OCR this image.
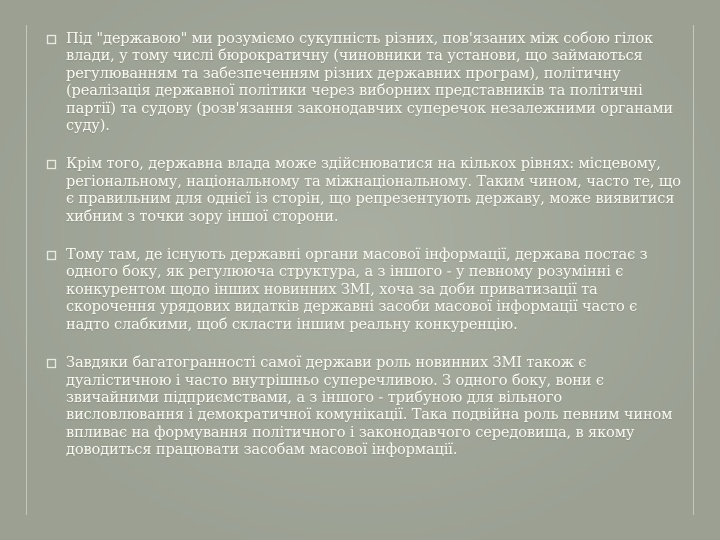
Під "державою" ми розуміємо сукупність різних, пов'язаних між собою гілок влади, у тому числі бюрократичну (чиновники та установи, що займаються регулюванням та забезпеченням різних державних програм), політичну (реалізація державної політики через виборних представників та політичні партії) та судову (розв'язання законодавчих суперечок незалежними органами суду).
Крім того, державна влада може здійснюватися на кількох рівнях: місцевому, регіональному, національному та міжнаціональному. Таким чином, часто те, що є правильним для однієї із сторін, що репрезентують державу, може виявитися хибним з точки зору іншої сторони.
Тому там, де існують державні органи масової інформації, держава постає з одного боку, як регулююча структура, а з іншого - у певному розумінні є конкурентом щодо інших новинних ЗМІ, хоча за доби приватизації та скорочення урядових видатків державні засоби масової інформації часто є надто слабкими, щоб скласти іншим реальну конкуренцію.
Завдяки багатогранності самої держави роль новинних ЗМІ також є дуалістичною і часто внутрішньо суперечливою. З одного боку, вони є звичайними підприємствами, а з іншого - трибуною для вільного висловлювання і демократичної комунікації. Така подвійна роль певним чином впливає на формування політичного і законодавчого середовища, в якому доводиться працювати засобам масової інформації.
